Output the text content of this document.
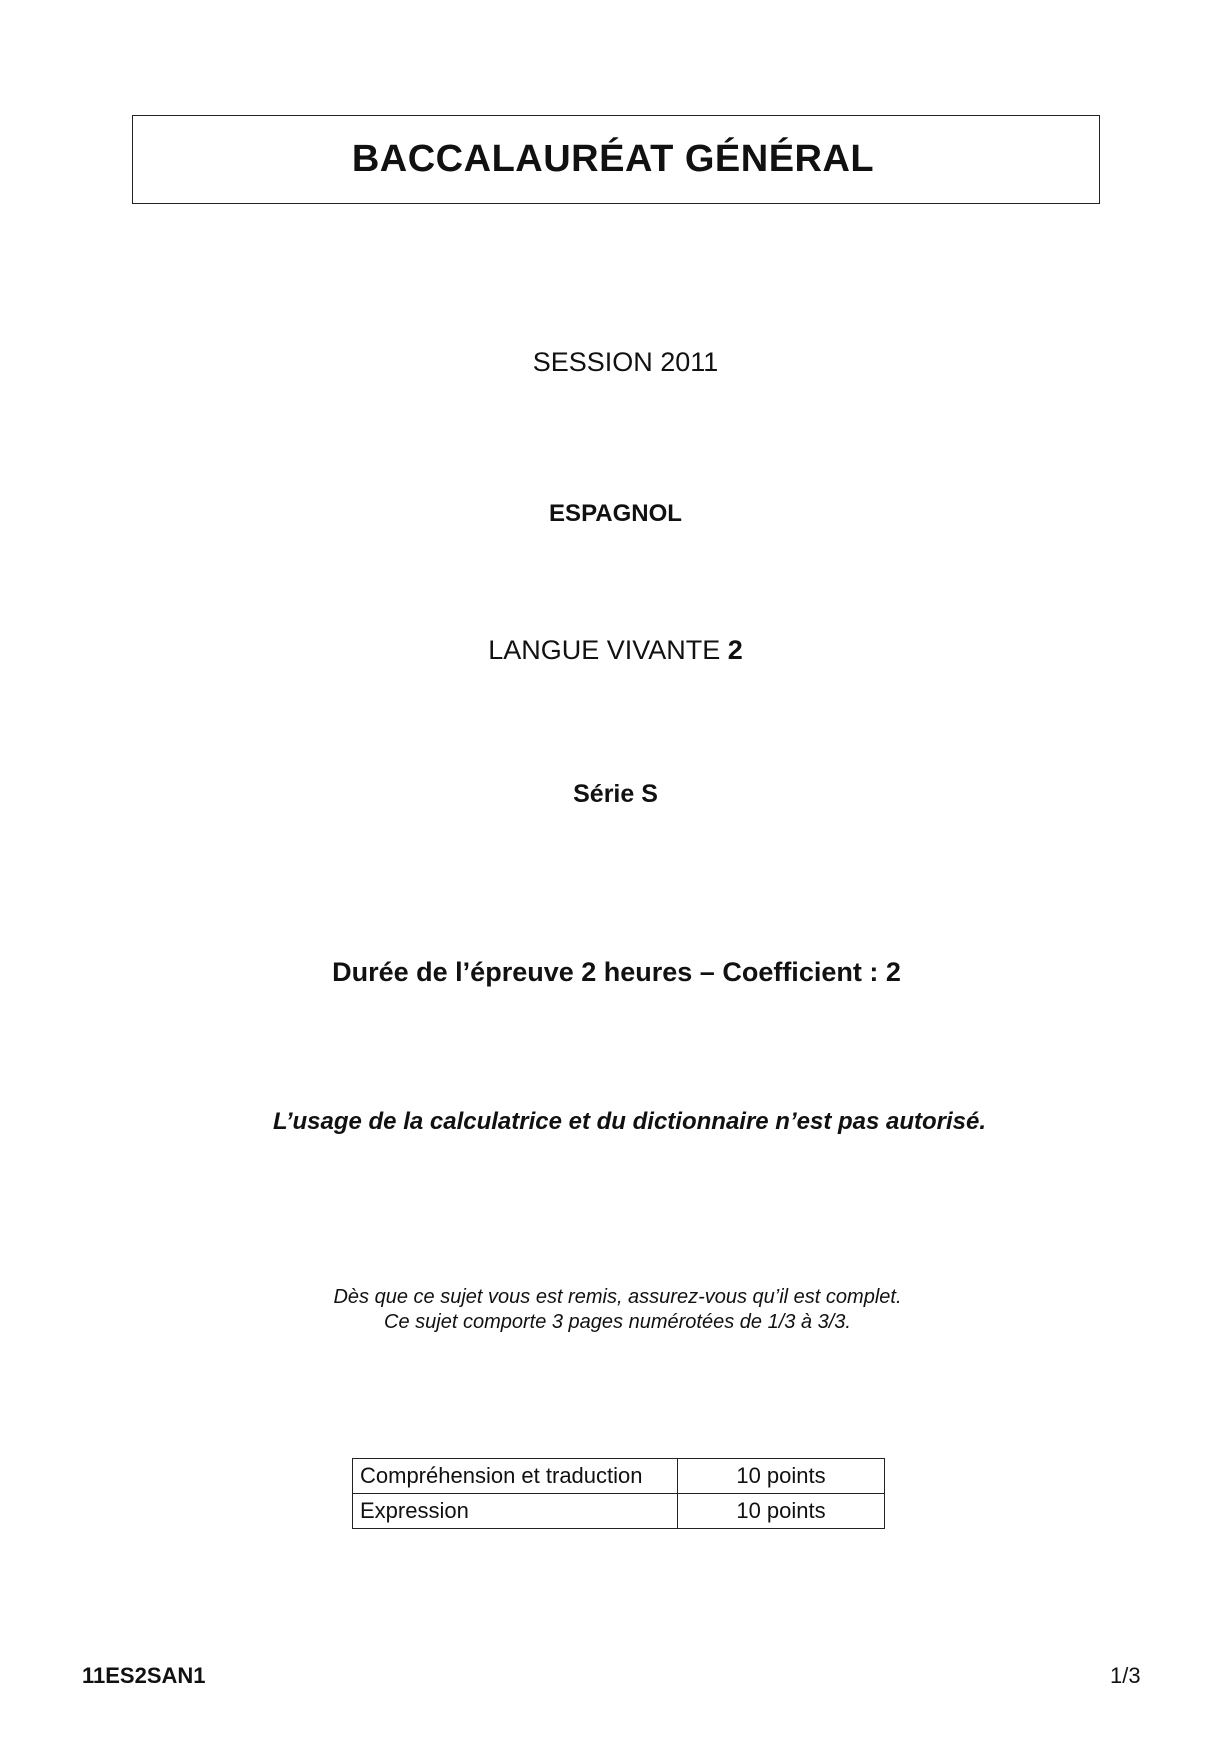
BACCALAURÉAT GÉNÉRAL
SESSION 2011
ESPAGNOL
LANGUE VIVANTE 2
Série S
Durée de l’épreuve 2 heures – Coefficient : 2
L’usage de la calculatrice et du dictionnaire n’est pas autorisé.
Dès que ce sujet vous est remis, assurez-vous qu’il est complet.
Ce sujet comporte 3 pages numérotées de 1/3 à 3/3.
Compréhension et traduction	10 points
Expression	10 points
11ES2SAN1	1/3
